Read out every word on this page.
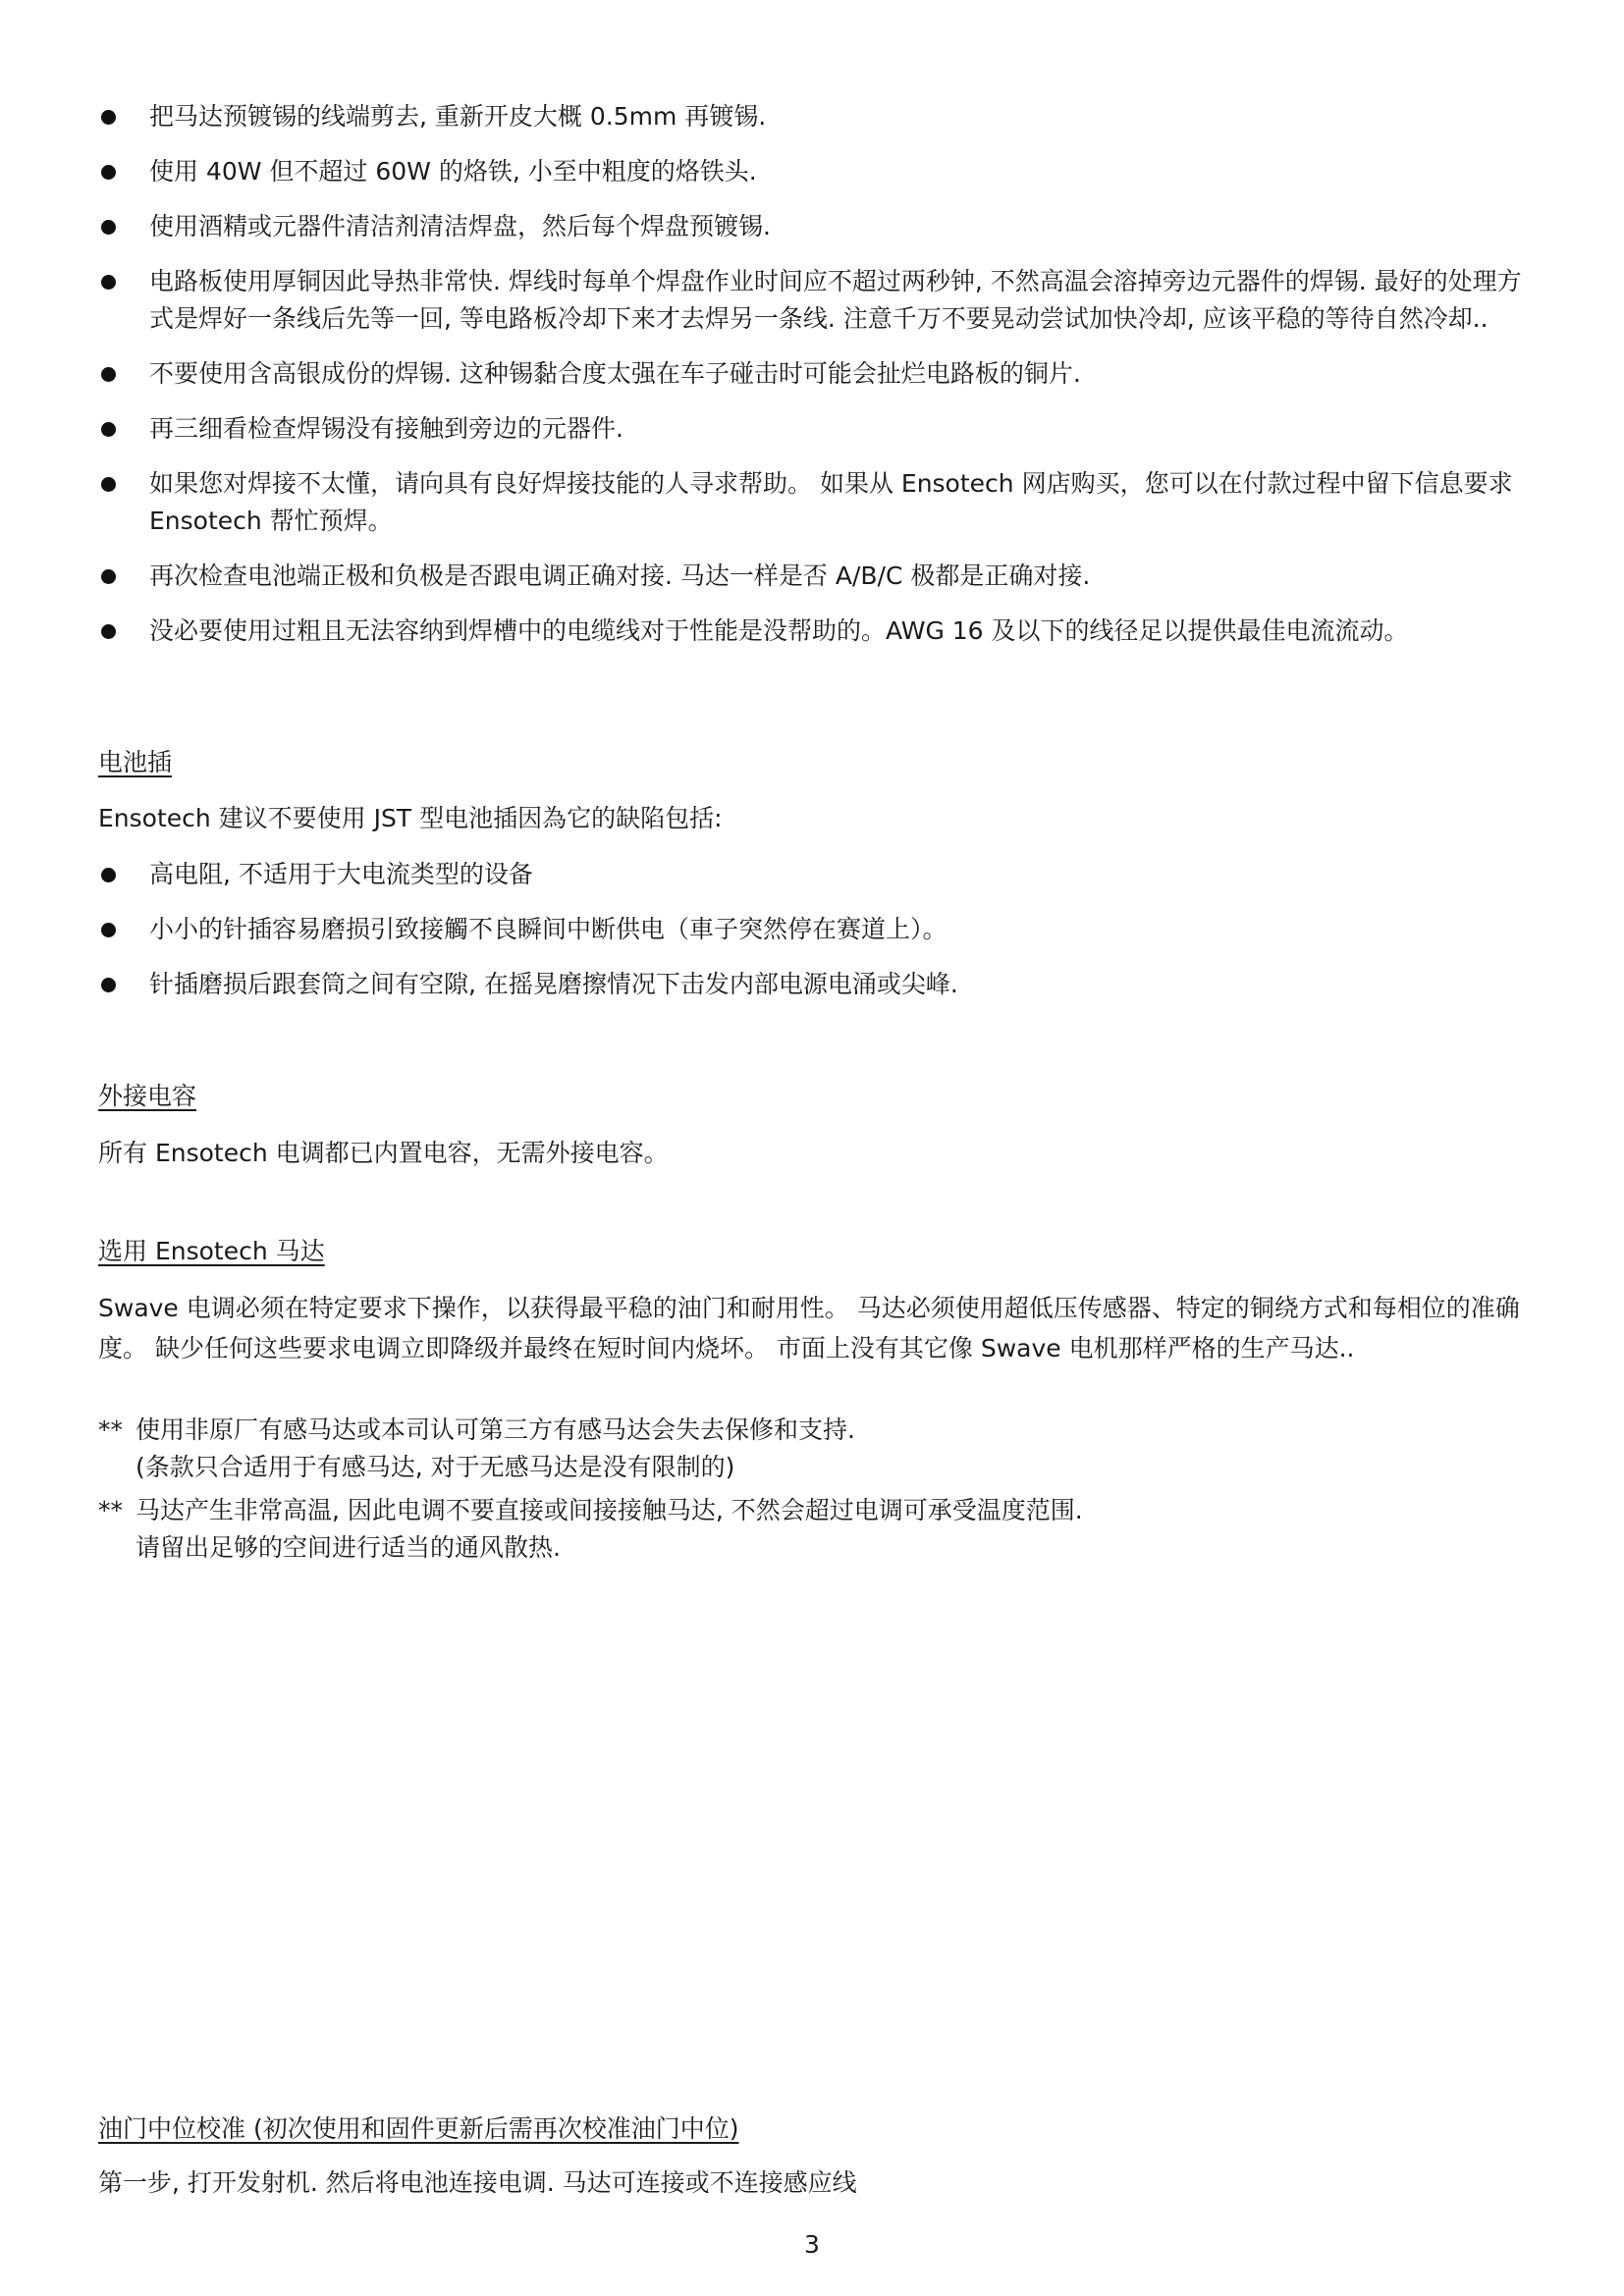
把马达预镀锡的线端剪去, 重新开皮大概 0.5mm 再镀锡.
使用 40W 但不超过 60W 的烙铁, 小至中粗度的烙铁头.
使用酒精或元器件清洁剂清洁焊盘，然后每个焊盘预镀锡.
电路板使用厚铜因此导热非常快. 焊线时每单个焊盘作业时间应不超过两秒钟, 不然高温会溶掉旁边元器件的焊锡. 最好的处理方式是焊好一条线后先等一回, 等电路板冷却下来才去焊另一条线. 注意千万不要晃动尝试加快冷却, 应该平稳的等待自然冷却..
不要使用含高银成份的焊锡. 这种锡黏合度太强在车子碰击时可能会扯烂电路板的铜片.
再三细看检查焊锡没有接触到旁边的元器件.
如果您对焊接不太懂，请向具有良好焊接技能的人寻求帮助。 如果从 Ensotech 网店购买，您可以在付款过程中留下信息要求 Ensotech 帮忙预焊。
再次检查电池端正极和负极是否跟电调正确对接. 马达一样是否 A/B/C 极都是正确对接.
没必要使用过粗且无法容纳到焊槽中的电缆线对于性能是没帮助的。AWG 16 及以下的线径足以提供最佳电流流动。
电池插

Ensotech 建议不要使用 JST 型电池插因為它的缺陷包括:

高电阻, 不适用于大电流类型的设备
小小的针插容易磨损引致接觸不良瞬间中断供电（車子突然停在赛道上）。
针插磨损后跟套筒之间有空隙, 在摇晃磨擦情况下击发内部电源电涌或尖峰.
外接电容

所有 Ensotech 电调都已内置电容，无需外接电容。

选用 Ensotech 马达

Swave 电调必须在特定要求下操作，以获得最平稳的油门和耐用性。 马达必须使用超低压传感器、特定的铜绕方式和每相位的准确度。 缺少任何这些要求电调立即降级并最终在短时间内烧坏。 市面上没有其它像 Swave 电机那样严格的生产马达..

** 使用非原厂有感马达或本司认可第三方有感马达会失去保修和支持.
(条款只合适用于有感马达, 对于无感马达是没有限制的)
** 马达产生非常高温, 因此电调不要直接或间接接触马达, 不然会超过电调可承受温度范围.
请留出足够的空间进行适当的通风散热.
油门中位校准 (初次使用和固件更新后需再次校准油门中位)

第一步, 打开发射机. 然后将电池连接电调. 马达可连接或不连接感应线

3
